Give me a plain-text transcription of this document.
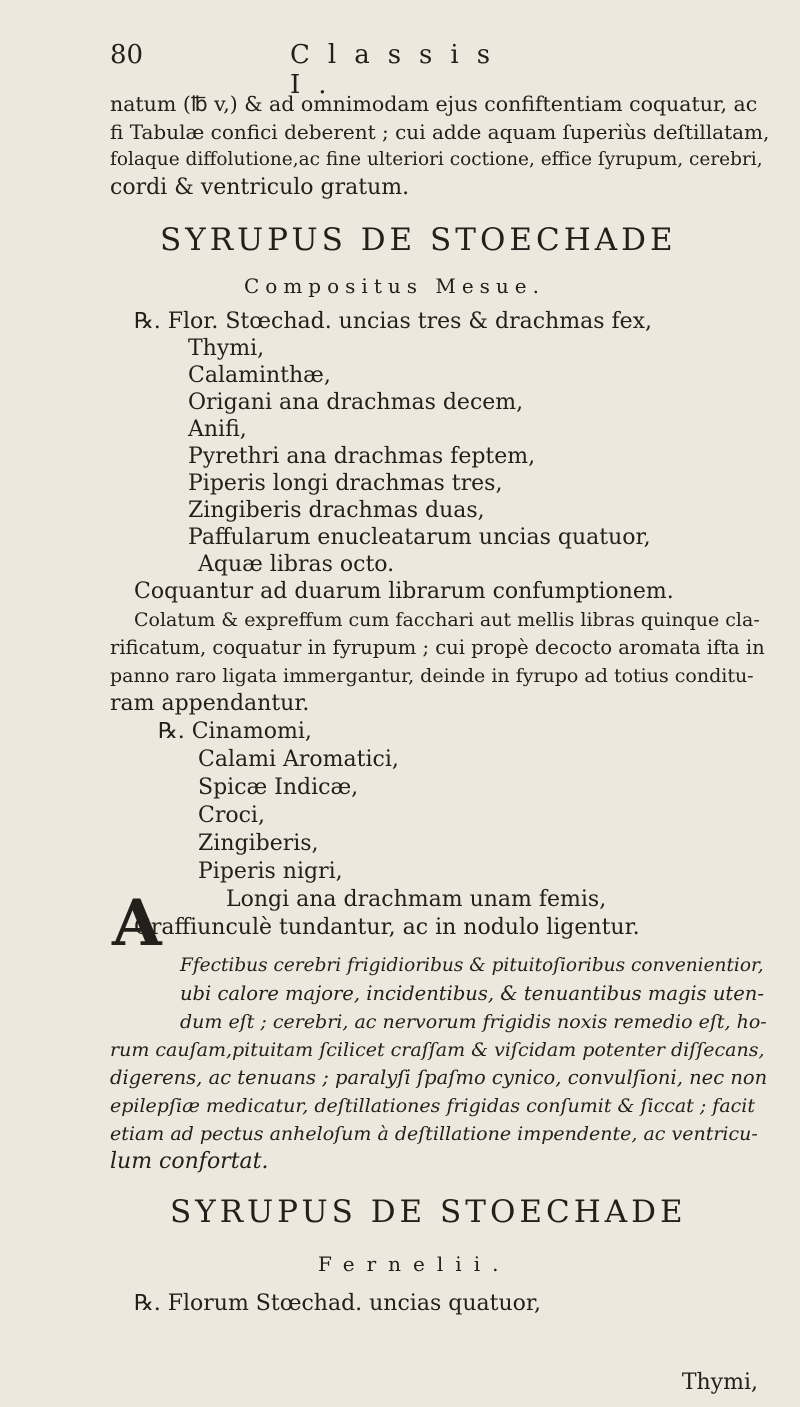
80	Classis I.
natum (℔ v,) & ad omnimodam ejus confiftentiam coquatur, ac
fi Tabulæ confici deberent ; cui adde aquam ſuperiùs deſtillatam,
folaque diffolutione,ac fine ulteriori coctione, effice ſyrupum, cerebri,
cordi & ventriculo gratum.
SYRUPUS DE STOECHADE
Compositus Mesue.
℞. Flor. Stœchad. uncias tres & drachmas fex,
Thymi,
Calaminthæ,
Origani ana drachmas decem,
Anifi,
Pyrethri ana drachmas feptem,
Piperis longi drachmas tres,
Zingiberis drachmas duas,
Paffularum enucleatarum uncias quatuor,
Aquæ libras octo.
Coquantur ad duarum librarum confumptionem.
Colatum & expreffum cum facchari aut mellis libras quinque cla-
rificatum, coquatur in fyrupum ; cui propè decocto aromata ifta in
panno raro ligata immergantur, deinde in fyrupo ad totius conditu-
ram appendantur.
℞. Cinamomi,
Calami Aromatici,
Spicæ Indicæ,
Croci,
Zingiberis,
Piperis nigri,
Longi ana drachmam unam femis,
Craffiunculè tundantur, ac in nodulo ligentur.
A
Ffectibus cerebri frigidioribus & pituitoſioribus convenientior,
ubi calore majore, incidentibus, & tenuantibus magis uten-
dum eſt ; cerebri, ac nervorum frigidis noxis remedio eſt, ho-
rum cauſam,pituitam ſcilicet craſſam & viſcidam potenter diſſecans,
digerens, ac tenuans ; paralyſi ſpaſmo cynico, convulſioni, nec non
epilepſiæ medicatur, deſtillationes frigidas conſumit & ſiccat ; facit
etiam ad pectus anheloſum à deſtillatione impendente, ac ventricu-
lum confortat.
SYRUPUS DE STOECHADE
Fernelii.
℞. Florum Stœchad. uncias quatuor,
Thymi,
